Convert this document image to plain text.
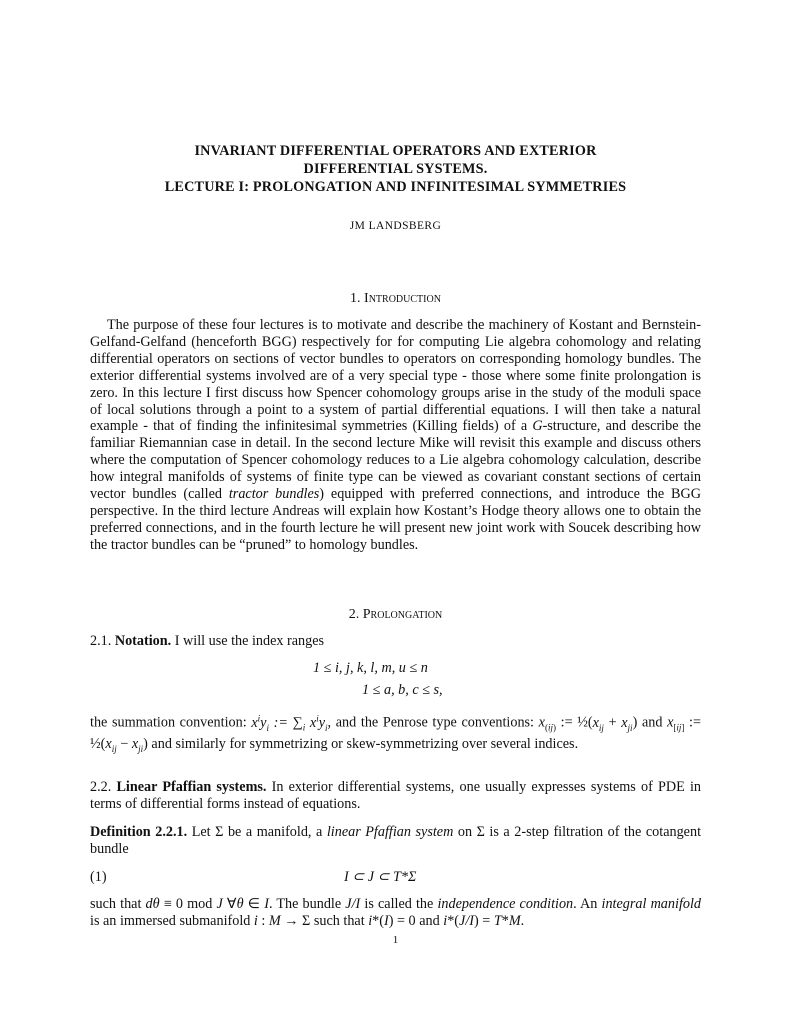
INVARIANT DIFFERENTIAL OPERATORS AND EXTERIOR
DIFFERENTIAL SYSTEMS.
LECTURE I: PROLONGATION AND INFINITESIMAL SYMMETRIES
JM LANDSBERG
1. Introduction

The purpose of these four lectures is to motivate and describe the machinery of Kostant and Bernstein-Gelfand-Gelfand (henceforth BGG) respectively for for computing Lie algebra cohomology and relating differential operators on sections of vector bundles to operators on corresponding homology bundles. The exterior differential systems involved are of a very special type - those where some finite prolongation is zero. In this lecture I first discuss how Spencer cohomology groups arise in the study of the moduli space of local solutions through a point to a system of partial differential equations. I will then take a natural example - that of finding the infinitesimal symmetries (Killing fields) of a G-structure, and describe the familiar Riemannian case in detail. In the second lecture Mike will revisit this example and discuss others where the computation of Spencer cohomology reduces to a Lie algebra cohomology calculation, describe how integral manifolds of systems of finite type can be viewed as covariant constant sections of certain vector bundles (called tractor bundles) equipped with preferred connections, and introduce the BGG perspective. In the third lecture Andreas will explain how Kostant’s Hodge theory allows one to obtain the preferred connections, and in the fourth lecture he will present new joint work with Soucek describing how the tractor bundles can be “pruned” to homology bundles.

2. Prolongation
2.1. Notation. I will use the index ranges
1 ≤ i, j, k, l, m, u ≤ n
1 ≤ a, b, c ≤ s,
the summation convention: $x^iy_i$ := $\sum_i$ $x^iy_i$, and the Penrose type conventions: $x_{(ij)}$ := $\frac{1}{2}(x_{ij} + x_{ji})$ and $x_{[ij]}$ := $\frac{1}{2}(x_{ij} - x_{ji})$ and similarly for symmetrizing or skew-symmetrizing over several indices.
2.2. Linear Pfaffian systems. In exterior differential systems, one usually expresses systems of PDE in terms of differential forms instead of equations.
Definition 2.2.1. Let Σ be a manifold, a linear Pfaffian system on Σ is a 2-step filtration of the cotangent bundle
(1)	I ⊂ J ⊂ T*Σ
such that dθ ≡ 0 mod J ∀θ ∈ I. The bundle J/I is called the independence condition. An integral manifold is an immersed submanifold i : M → Σ such that i*(I) = 0 and i*(J/I) = T*M.
1
